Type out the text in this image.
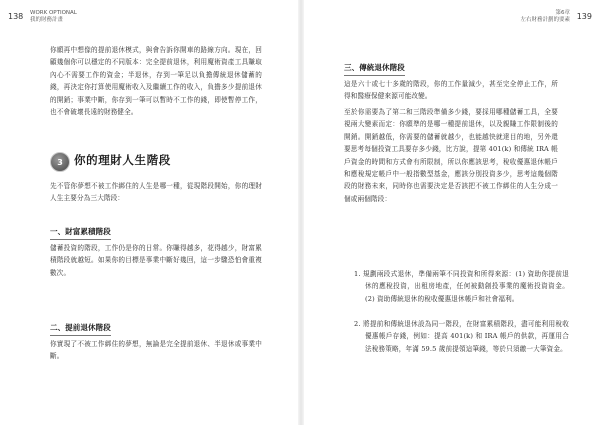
138 WORK OPTIONAL
我的財務計畫
你願再中想像的提前退休模式，與會告訴你開車的路線方向。現在，回顧幾個你可以穩定的不同版本：完全提前退休，利用魔術資產工具賺取內心不需要工作的資金；半退休，存到一筆足以負擔傳統退休儲蓄的錢，再決定你打算使用魔術收入及繼續工作的收入，負擔多少提前退休的開銷；事業中斷，你存到一筆可以暫時不工作的錢，即使暫停工作，也不會破壞長遠的財務健全。
3 你的理財人生階段
先不管你夢想不被工作綁住的人生是哪一種，從現階段開始，你的理財人生主要分為三大階段：
一、財富累積階段
儲蓄投資的階段，工作仍是你的日常。你賺得越多，花得越少，財富累積階段就越短。如果你的目標是事業中斷好幾回，這一步驟恐怕會重複數次。
二、提前退休階段
你實現了不被工作綁住的夢想，無論是完全提前退休、半退休或事業中斷。
139
第6章
左右財務計劃的要素
三、傳統退休階段
這是六十或七十多歲的階段，你的工作量減少，甚至完全停止工作，所得和醫療保健來源可能改變。
至於你需要為了第二和三階段準備多少錢，要採用哪種儲蓄工具，全要視兩大變素而定：你願準的是哪一種提前退休，以及親賺工作限制後的開銷。開銷越低，你需要的儲蓄就越少，也能越快就達目的地，另外還要思考每個投資工具要存多少錢，比方說，提第 401(k) 和傳統 IRA 帳戶資金的時間和方式會有所限制，所以你應該思考，稅收優惠退休帳戶和應稅規定帳戶中一般指數型基金，應該分別投資多少，思考這幾個階段的財務未來，同時你也需要決定是否該把不被工作綁住的人生分成一個或兩個階段：
1. 規劃兩段式退休，準備兩筆不同投資和所得來源：(1) 資助你提前退休的應稅投資，出租房地產，任何被動創投事業的魔術投資資金。(2) 資助傳統退休的稅收優惠退休帳戶和社會福利。
2. 將提前和傳統退休設為同一階段，在財富累積階段，盡可能利用稅收優惠帳戶存錢，例如：提高 401(k) 和 IRA 帳戶的供款，再運用合法稅務策略，年滿 59.5 歲前提領這筆錢，等於只須繳一大筆資金。
